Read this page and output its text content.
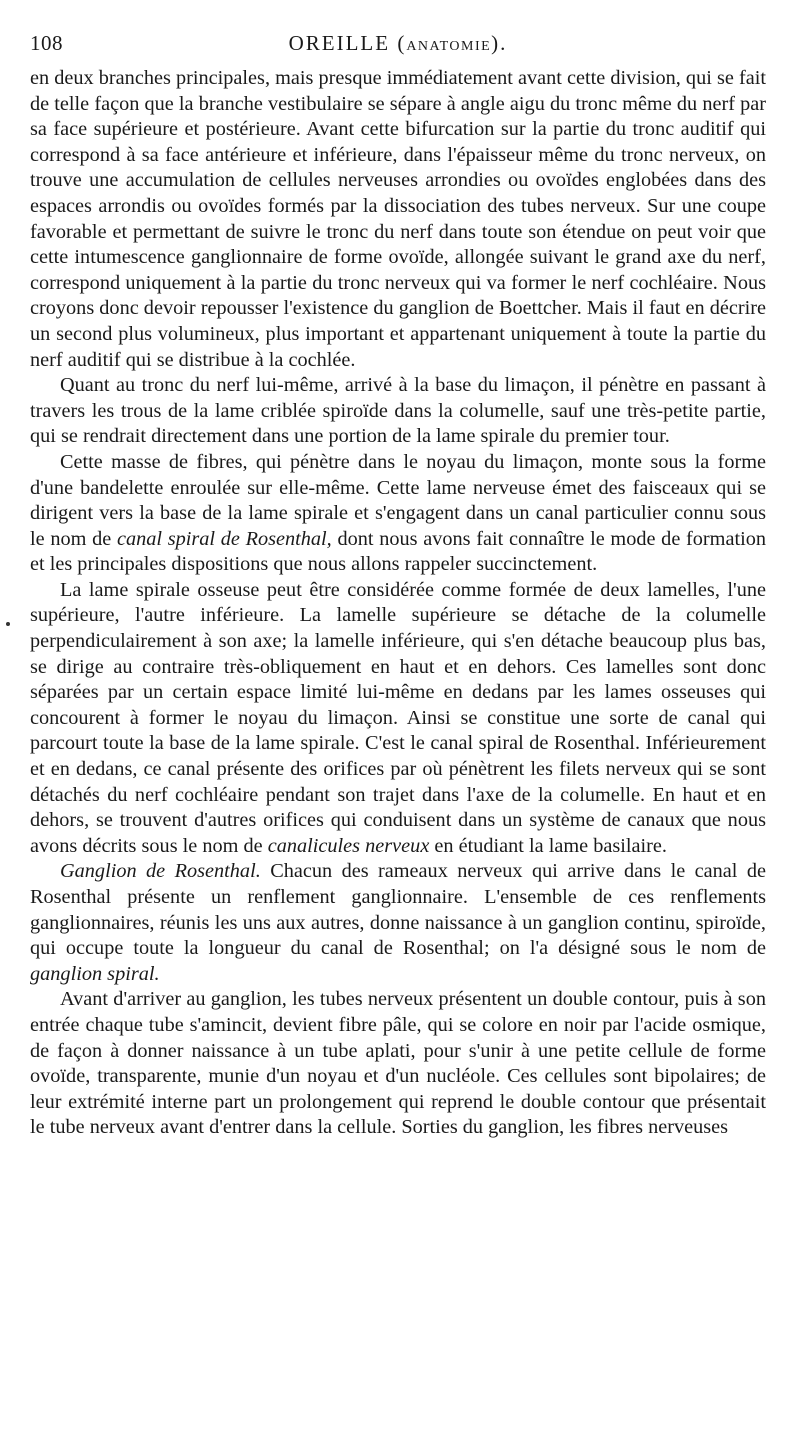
108	OREILLE (ANATOMIE).

en deux branches principales, mais presque immédiatement avant cette division, qui se fait de telle façon que la branche vestibulaire se sépare à angle aigu du tronc même du nerf par sa face supérieure et postérieure. Avant cette bifurcation sur la partie du tronc auditif qui correspond à sa face antérieure et inférieure, dans l'épaisseur même du tronc nerveux, on trouve une accumulation de cellules nerveuses arrondies ou ovoïdes englobées dans des espaces arrondis ou ovoïdes formés par la dissociation des tubes nerveux. Sur une coupe favorable et permettant de suivre le tronc du nerf dans toute son étendue on peut voir que cette intumescence ganglionnaire de forme ovoïde, allongée suivant le grand axe du nerf, correspond uniquement à la partie du tronc nerveux qui va former le nerf cochléaire. Nous croyons donc devoir repousser l'existence du ganglion de Boettcher. Mais il faut en décrire un second plus volumineux, plus important et appartenant uniquement à toute la partie du nerf auditif qui se distribue à la cochlée.

Quant au tronc du nerf lui-même, arrivé à la base du limaçon, il pénètre en passant à travers les trous de la lame criblée spiroïde dans la columelle, sauf une très-petite partie, qui se rendrait directement dans une portion de la lame spirale du premier tour.

Cette masse de fibres, qui pénètre dans le noyau du limaçon, monte sous la forme d'une bandelette enroulée sur elle-même. Cette lame nerveuse émet des faisceaux qui se dirigent vers la base de la lame spirale et s'engagent dans un canal particulier connu sous le nom de canal spiral de Rosenthal, dont nous avons fait connaître le mode de formation et les principales dispositions que nous allons rappeler succinctement.

La lame spirale osseuse peut être considérée comme formée de deux lamelles, l'une supérieure, l'autre inférieure. La lamelle supérieure se détache de la columelle perpendiculairement à son axe; la lamelle inférieure, qui s'en détache beaucoup plus bas, se dirige au contraire très-obliquement en haut et en dehors. Ces lamelles sont donc séparées par un certain espace limité lui-même en dedans par les lames osseuses qui concourent à former le noyau du limaçon. Ainsi se constitue une sorte de canal qui parcourt toute la base de la lame spirale. C'est le canal spiral de Rosenthal. Inférieurement et en dedans, ce canal présente des orifices par où pénètrent les filets nerveux qui se sont détachés du nerf cochléaire pendant son trajet dans l'axe de la columelle. En haut et en dehors, se trouvent d'autres orifices qui conduisent dans un système de canaux que nous avons décrits sous le nom de canalicules nerveux en étudiant la lame basilaire.

Ganglion de Rosenthal. Chacun des rameaux nerveux qui arrive dans le canal de Rosenthal présente un renflement ganglionnaire. L'ensemble de ces renflements ganglionnaires, réunis les uns aux autres, donne naissance à un ganglion continu, spiroïde, qui occupe toute la longueur du canal de Rosenthal; on l'a désigné sous le nom de ganglion spiral.

Avant d'arriver au ganglion, les tubes nerveux présentent un double contour, puis à son entrée chaque tube s'amincit, devient fibre pâle, qui se colore en noir par l'acide osmique, de façon à donner naissance à un tube aplati, pour s'unir à une petite cellule de forme ovoïde, transparente, munie d'un noyau et d'un nucléole. Ces cellules sont bipolaires; de leur extrémité interne part un prolongement qui reprend le double contour que présentait le tube nerveux avant d'entrer dans la cellule. Sorties du ganglion, les fibres nerveuses
